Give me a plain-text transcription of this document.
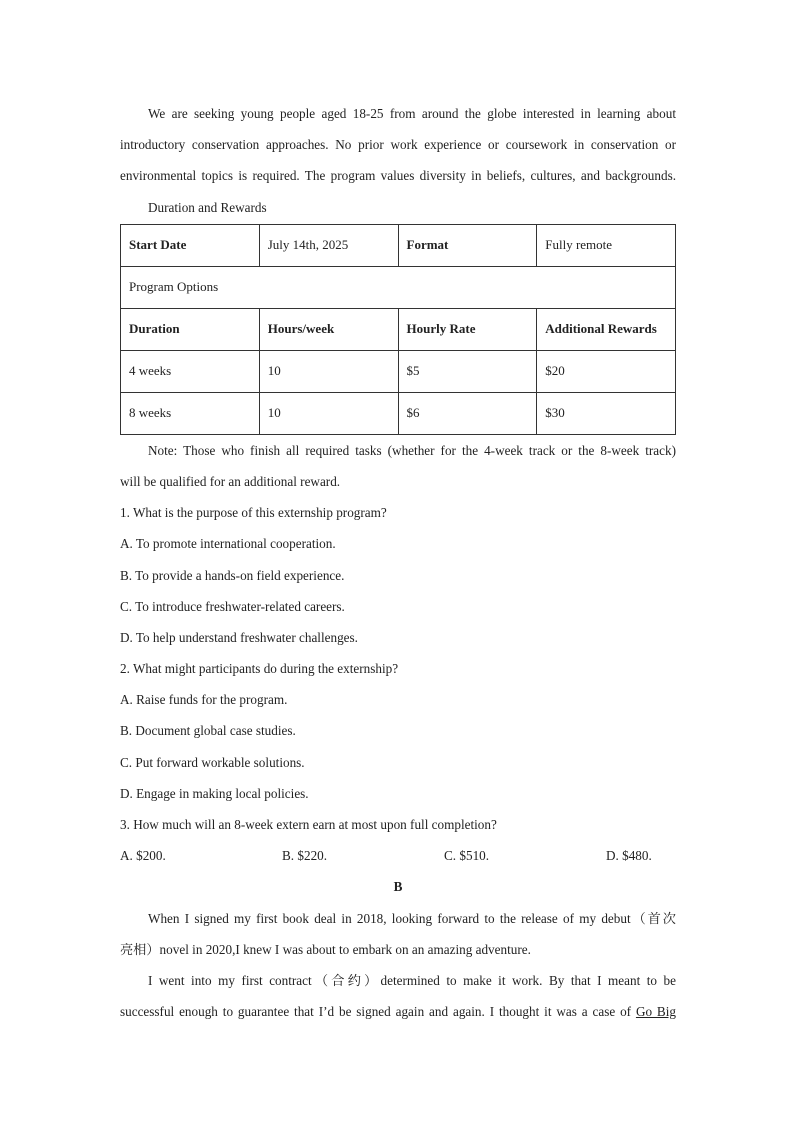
We are seeking young people aged 18-25 from around the globe interested in learning about
introductory conservation approaches. No prior work experience or coursework in conservation or
environmental topics is required. The program values diversity in beliefs, cultures, and backgrounds.
Duration and Rewards
Start Date	July 14th, 2025	Format	Fully remote
Program Options			
Duration	Hours/week	Hourly Rate	Additional Rewards
4 weeks	10	$5	$20
8 weeks	10	$6	$30
Note: Those who finish all required tasks (whether for the 4-week track or the 8-week track)
will be qualified for an additional reward.
1. What is the purpose of this externship program?
A. To promote international cooperation.
B. To provide a hands-on field experience.
C. To introduce freshwater-related careers.
D. To help understand freshwater challenges.
2. What might participants do during the externship?
A. Raise funds for the program.
B. Document global case studies.
C. Put forward workable solutions.
D. Engage in making local policies.
3. How much will an 8-week extern earn at most upon full completion?
A. $200.	B. $220.	C. $510.	D. $480.
B
When I signed my first book deal in 2018, looking forward to the release of my debut（首次
亮相）novel in 2020,I knew I was about to embark on an amazing adventure.
I went into my first contract（合约）determined to make it work. By that I meant to be
successful enough to guarantee that I’d be signed again and again. I thought it was a case of Go Big
